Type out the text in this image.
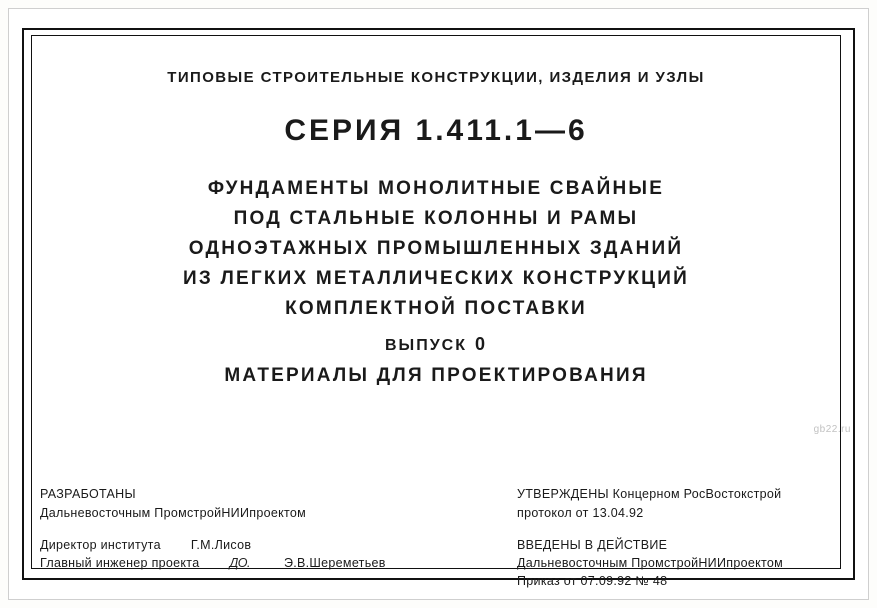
ТИПОВЫЕ СТРОИТЕЛЬНЫЕ КОНСТРУКЦИИ, ИЗДЕЛИЯ И УЗЛЫ
СЕРИЯ 1.411.1—6
ФУНДАМЕНТЫ МОНОЛИТНЫЕ СВАЙНЫЕ
ПОД СТАЛЬНЫЕ КОЛОННЫ И РАМЫ
ОДНОЭТАЖНЫХ ПРОМЫШЛЕННЫХ ЗДАНИЙ
ИЗ ЛЕГКИХ МЕТАЛЛИЧЕСКИХ КОНСТРУКЦИЙ
КОМПЛЕКТНОЙ ПОСТАВКИ
ВЫПУСК 0
МАТЕРИАЛЫ ДЛЯ ПРОЕКТИРОВАНИЯ
gb22.ru
РАЗРАБОТАНЫ
Дальневосточным ПромстройНИИпроектом
Директор института Г.М.Лисов
Главный инженер проекта ДО.	Э.В.Шереметьев
УТВЕРЖДЕНЫ Концерном РосВостокстрой
протокол от 13.04.92
ВВЕДЕНЫ В ДЕЙСТВИЕ
Дальневосточным ПромстройНИИпроектом
Приказ от 07.09.92 № 48
